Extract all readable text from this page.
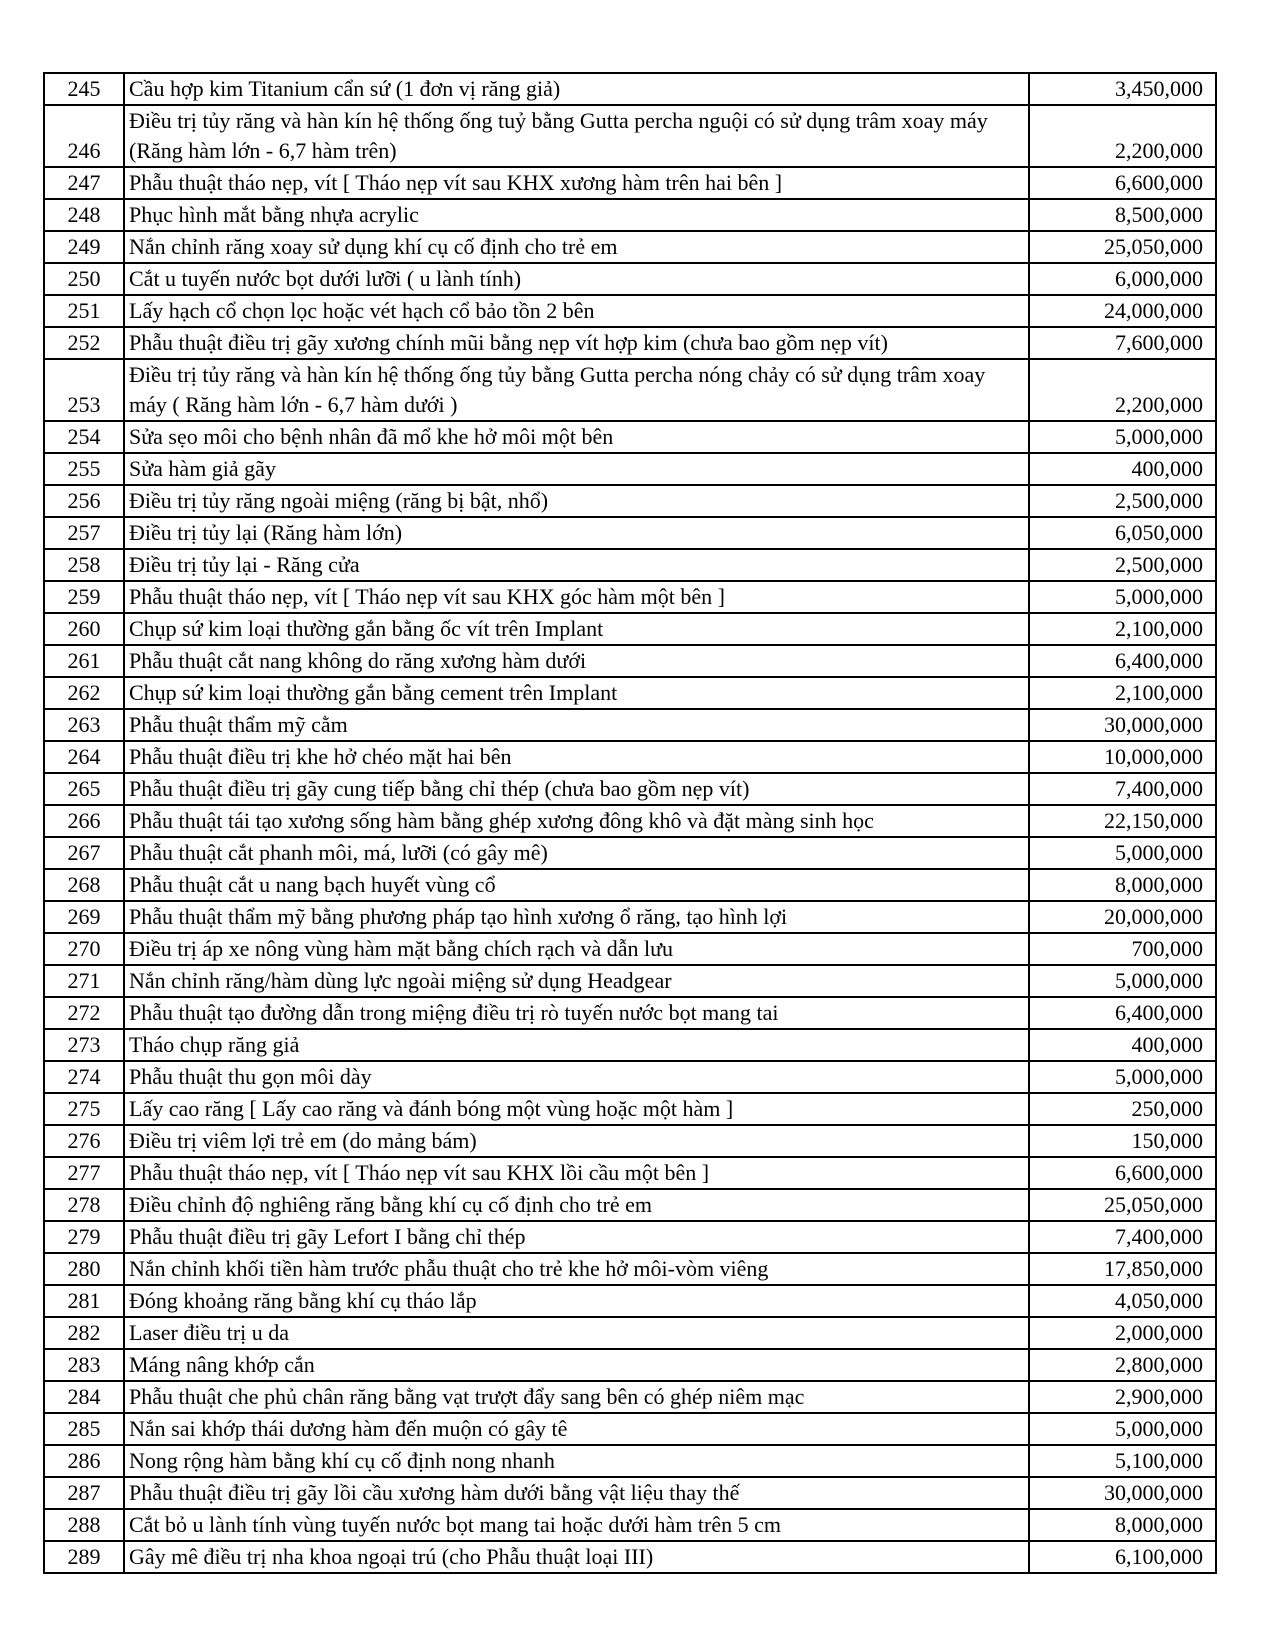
245	Cầu hợp kim Titanium cẩn sứ (1 đơn vị răng giả)	3,450,000
246	Điều trị tủy răng và hàn kín hệ thống ống tuỷ bằng Gutta percha nguội có sử dụng trâm xoay máy (Răng hàm lớn - 6,7 hàm trên)	2,200,000
247	Phẫu thuật tháo nẹp, vít [ Tháo nẹp vít sau KHX xương hàm trên hai bên ]	6,600,000
248	Phục hình mắt bằng nhựa acrylic	8,500,000
249	Nắn chỉnh răng xoay sử dụng khí cụ cố định cho trẻ em	25,050,000
250	Cắt u tuyến nước bọt dưới lưỡi ( u lành tính)	6,000,000
251	Lấy hạch cổ chọn lọc hoặc vét hạch cổ bảo tồn 2 bên	24,000,000
252	Phẫu thuật điều trị gãy xương chính mũi bằng nẹp vít hợp kim (chưa bao gồm nẹp vít)	7,600,000
253	Điều trị tủy răng và hàn kín hệ thống ống tủy bằng Gutta percha nóng chảy có sử dụng trâm xoay máy ( Răng hàm lớn - 6,7 hàm dưới )	2,200,000
254	Sửa sẹo môi cho bệnh nhân đã mổ khe hở môi một bên	5,000,000
255	Sửa hàm giả gãy	400,000
256	Điều trị tủy răng ngoài miệng (răng bị bật, nhổ)	2,500,000
257	Điều trị tủy lại (Răng hàm lớn)	6,050,000
258	Điều trị tủy lại - Răng cửa	2,500,000
259	Phẫu thuật tháo nẹp, vít [ Tháo nẹp vít sau KHX góc hàm một bên ]	5,000,000
260	Chụp sứ kim loại thường gắn bằng ốc vít trên Implant	2,100,000
261	Phẫu thuật cắt nang không do răng xương hàm dưới	6,400,000
262	Chụp sứ kim loại thường gắn bằng cement trên Implant	2,100,000
263	Phẫu thuật thẩm mỹ cằm	30,000,000
264	Phẫu thuật điều trị khe hở chéo mặt hai bên	10,000,000
265	Phẫu thuật điều trị gãy cung tiếp bằng chỉ thép (chưa bao gồm nẹp vít)	7,400,000
266	Phẫu thuật tái tạo xương sống hàm bằng ghép xương đông khô và đặt màng sinh học	22,150,000
267	Phẫu thuật cắt phanh môi, má, lưỡi (có gây mê)	5,000,000
268	Phẫu thuật cắt u nang bạch huyết vùng cổ	8,000,000
269	Phẫu thuật thẩm mỹ bằng phương pháp tạo hình xương ổ răng, tạo hình lợi	20,000,000
270	Điều trị áp xe nông vùng hàm mặt bằng chích rạch và dẫn lưu	700,000
271	Nắn chỉnh răng/hàm dùng lực ngoài miệng sử dụng Headgear	5,000,000
272	Phẫu thuật tạo đường dẫn trong miệng điều trị rò tuyến nước bọt mang tai	6,400,000
273	Tháo chụp răng giả	400,000
274	Phẫu thuật thu gọn môi dày	5,000,000
275	Lấy cao răng [ Lấy cao răng và đánh bóng một vùng hoặc một hàm ]	250,000
276	Điều trị viêm lợi trẻ em (do mảng bám)	150,000
277	Phẫu thuật tháo nẹp, vít [ Tháo nẹp vít sau KHX lồi cầu một bên ]	6,600,000
278	Điều chỉnh độ nghiêng răng bằng khí cụ cố định cho trẻ em	25,050,000
279	Phẫu thuật điều trị gãy Lefort I bằng chỉ thép	7,400,000
280	Nắn chỉnh khối tiền hàm trước phẫu thuật cho trẻ khe hở môi-vòm viêng	17,850,000
281	Đóng khoảng răng bằng khí cụ tháo lắp	4,050,000
282	Laser điều trị u da	2,000,000
283	Máng nâng khớp cắn	2,800,000
284	Phẫu thuật che phủ chân răng bằng vạt trượt đẩy sang bên có ghép niêm mạc	2,900,000
285	Nắn sai khớp thái dương hàm đến muộn có gây tê	5,000,000
286	Nong rộng hàm bằng khí cụ cố định nong nhanh	5,100,000
287	Phẫu thuật điều trị gãy lồi cầu xương hàm dưới bằng vật liệu thay thế	30,000,000
288	Cắt bỏ u lành tính vùng tuyến nước bọt mang tai hoặc dưới hàm trên 5 cm	8,000,000
289	Gây mê điều trị nha khoa ngoại trú (cho Phẫu thuật loại III)	6,100,000
